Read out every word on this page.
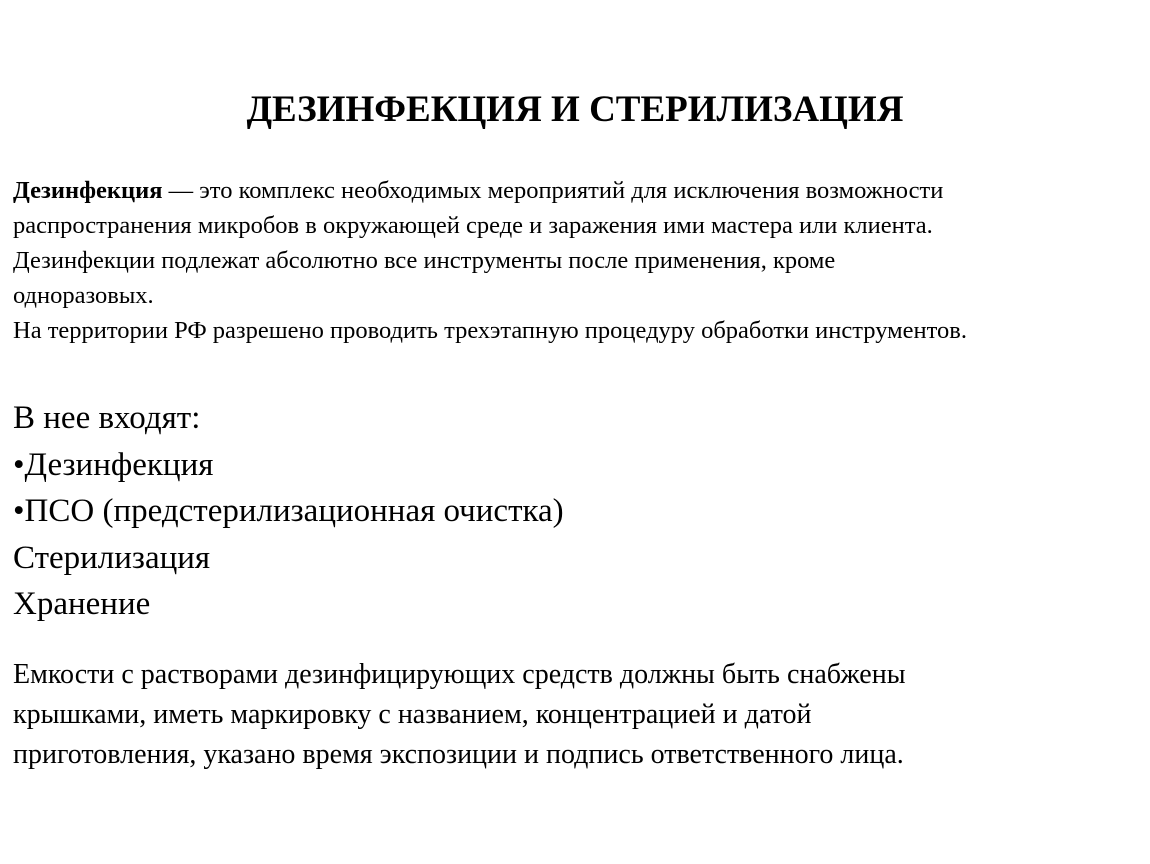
ДЕЗИНФЕКЦИЯ И СТЕРИЛИЗАЦИЯ
Дезинфекция — это комплекс необходимых мероприятий для исключения возможности
распространения микробов в окружающей среде и заражения ими мастера или клиента.
Дезинфекции подлежат абсолютно все инструменты после применения, кроме
одноразовых.
На территории РФ разрешено проводить трехэтапную процедуру обработки инструментов.
В нее входят:
•Дезинфекция
•ПСО (предстерилизационная очистка)
Стерилизация
Хранение
Емкости с растворами дезинфицирующих средств должны быть снабжены
крышками, иметь маркировку с названием, концентрацией и датой
приготовления, указано время экспозиции и подпись ответственного лица.
